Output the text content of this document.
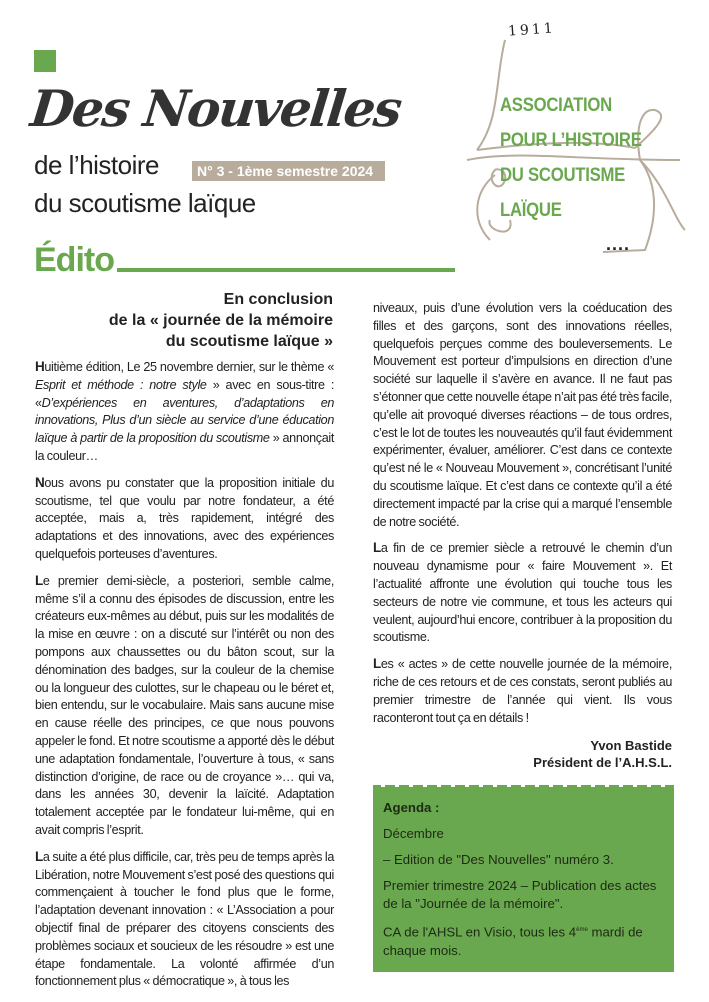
Des Nouvelles
de l’histoire	N° 3 - 1ème semestre 2024
du scoutisme laïque
Édito
1911
ASSOCIATION
POUR L’HISTOIRE
DU SCOUTISME
LAÏQUE
....
En conclusion
de la « journée de la mémoire
du scoutisme laïque »

Huitième édition, Le 25 novembre dernier, sur le thème « Esprit et méthode : notre style » avec en sous-titre : «D’expériences en aventures, d’adaptations en innovations, Plus d’un siècle au service d’une éducation laïque à partir de la proposition du scoutisme » annonçait la couleur…

Nous avons pu constater que la proposition initiale du scoutisme, tel que voulu par notre fondateur, a été acceptée, mais a, très rapidement, intégré des adaptations et des innovations, avec des expériences quelquefois porteuses d’aventures.

Le premier demi-siècle, a posteriori, semble calme, même s’il a connu des épisodes de discussion, entre les créateurs eux-mêmes au début, puis sur les modalités de la mise en œuvre : on a discuté sur l’intérêt ou non des pompons aux chaussettes ou du bâton scout, sur la dénomination des badges, sur la couleur de la chemise ou la longueur des culottes, sur le chapeau ou le béret et, bien entendu, sur le vocabulaire. Mais sans aucune mise en cause réelle des principes, ce que nous pouvons appeler le fond. Et notre scoutisme a apporté dès le début une adaptation fondamentale, l’ouverture à tous, « sans distinction d’origine, de race ou de croyance »… qui va, dans les années 30, devenir la laïcité. Adaptation totalement acceptée par le fondateur lui-même, qui en avait compris l’esprit.

La suite a été plus difficile, car, très peu de temps après la Libération, notre Mouvement s’est posé des questions qui commençaient à toucher le fond plus que le forme, l’adaptation devenant innovation : « L’Association a pour objectif final de préparer des citoyens conscients des problèmes sociaux et soucieux de les résoudre » est une étape fondamentale. La volonté affirmée d’un fonctionnement plus « démocratique », à tous les

niveaux, puis d’une évolution vers la coéducation des filles et des garçons, sont des innovations réelles, quelquefois perçues comme des bouleversements. Le Mouvement est porteur d’impulsions en direction d’une société sur laquelle il s’avère en avance. Il ne faut pas s’étonner que cette nouvelle étape n’ait pas été très facile, qu’elle ait provoqué diverses réactions – de tous ordres, c’est le lot de toutes les nouveautés qu’il faut évidemment expérimenter, évaluer, améliorer. C’est dans ce contexte qu’est né le « Nouveau Mouvement », concrétisant l’unité du scoutisme laïque. Et c’est dans ce contexte qu’il a été directement impacté par la crise qui a marqué l’ensemble de notre société.

La fin de ce premier siècle a retrouvé le chemin d’un nouveau dynamisme pour « faire Mouvement ». Et l’actualité affronte une évolution qui touche tous les secteurs de notre vie commune, et tous les acteurs qui veulent, aujourd’hui encore, contribuer à la proposition du scoutisme.

Les « actes » de cette nouvelle journée de la mémoire, riche de ces retours et de ces constats, seront publiés au premier trimestre de l’année qui vient. Ils vous raconteront tout ça en détails !

Yvon Bastide
Président de l’A.H.S.L.

Agenda :

Décembre

– Edition de "Des Nouvelles" numéro 3.

Premier trimestre 2024 – Publication des actes de la "Journée de la mémoire".

CA de l'AHSL en Visio, tous les 4ème mardi de chaque mois.
